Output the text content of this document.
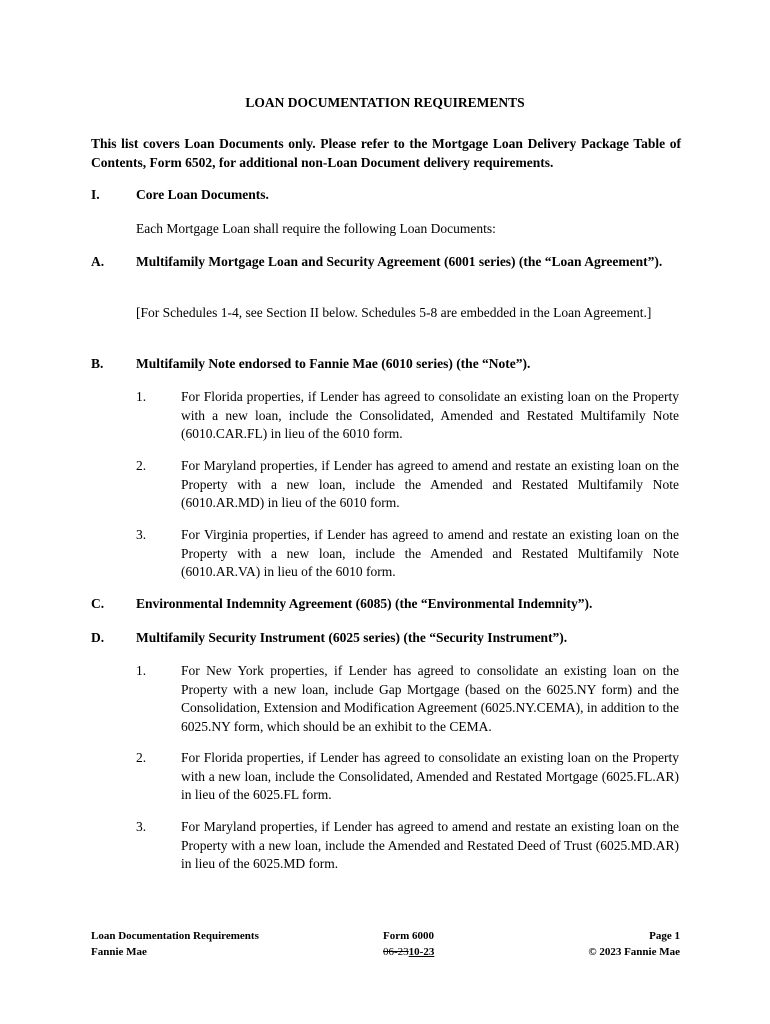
LOAN DOCUMENTATION REQUIREMENTS
This list covers Loan Documents only. Please refer to the Mortgage Loan Delivery Package Table of Contents, Form 6502, for additional non-Loan Document delivery requirements.
I.	Core Loan Documents.
Each Mortgage Loan shall require the following Loan Documents:
A. Multifamily Mortgage Loan and Security Agreement (6001 series) (the “Loan Agreement”).
[For Schedules 1-4, see Section II below. Schedules 5-8 are embedded in the Loan Agreement.]
B. Multifamily Note endorsed to Fannie Mae (6010 series) (the “Note”).
1.	For Florida properties, if Lender has agreed to consolidate an existing loan on the Property with a new loan, include the Consolidated, Amended and Restated Multifamily Note (6010.CAR.FL) in lieu of the 6010 form.
2.	For Maryland properties, if Lender has agreed to amend and restate an existing loan on the Property with a new loan, include the Amended and Restated Multifamily Note (6010.AR.MD) in lieu of the 6010 form.
3.	For Virginia properties, if Lender has agreed to amend and restate an existing loan on the Property with a new loan, include the Amended and Restated Multifamily Note (6010.AR.VA) in lieu of the 6010 form.
C. Environmental Indemnity Agreement (6085) (the “Environmental Indemnity”).
D. Multifamily Security Instrument (6025 series) (the “Security Instrument”).
1.	For New York properties, if Lender has agreed to consolidate an existing loan on the Property with a new loan, include Gap Mortgage (based on the 6025.NY form) and the Consolidation, Extension and Modification Agreement (6025.NY.CEMA), in addition to the 6025.NY form, which should be an exhibit to the CEMA.
2.	For Florida properties, if Lender has agreed to consolidate an existing loan on the Property with a new loan, include the Consolidated, Amended and Restated Mortgage (6025.FL.AR) in lieu of the 6025.FL form.
3.	For Maryland properties, if Lender has agreed to amend and restate an existing loan on the Property with a new loan, include the Amended and Restated Deed of Trust (6025.MD.AR) in lieu of the 6025.MD form.
Loan Documentation Requirements
Fannie Mae
Form 6000
06-2310-23
Page 1
© 2023 Fannie Mae
